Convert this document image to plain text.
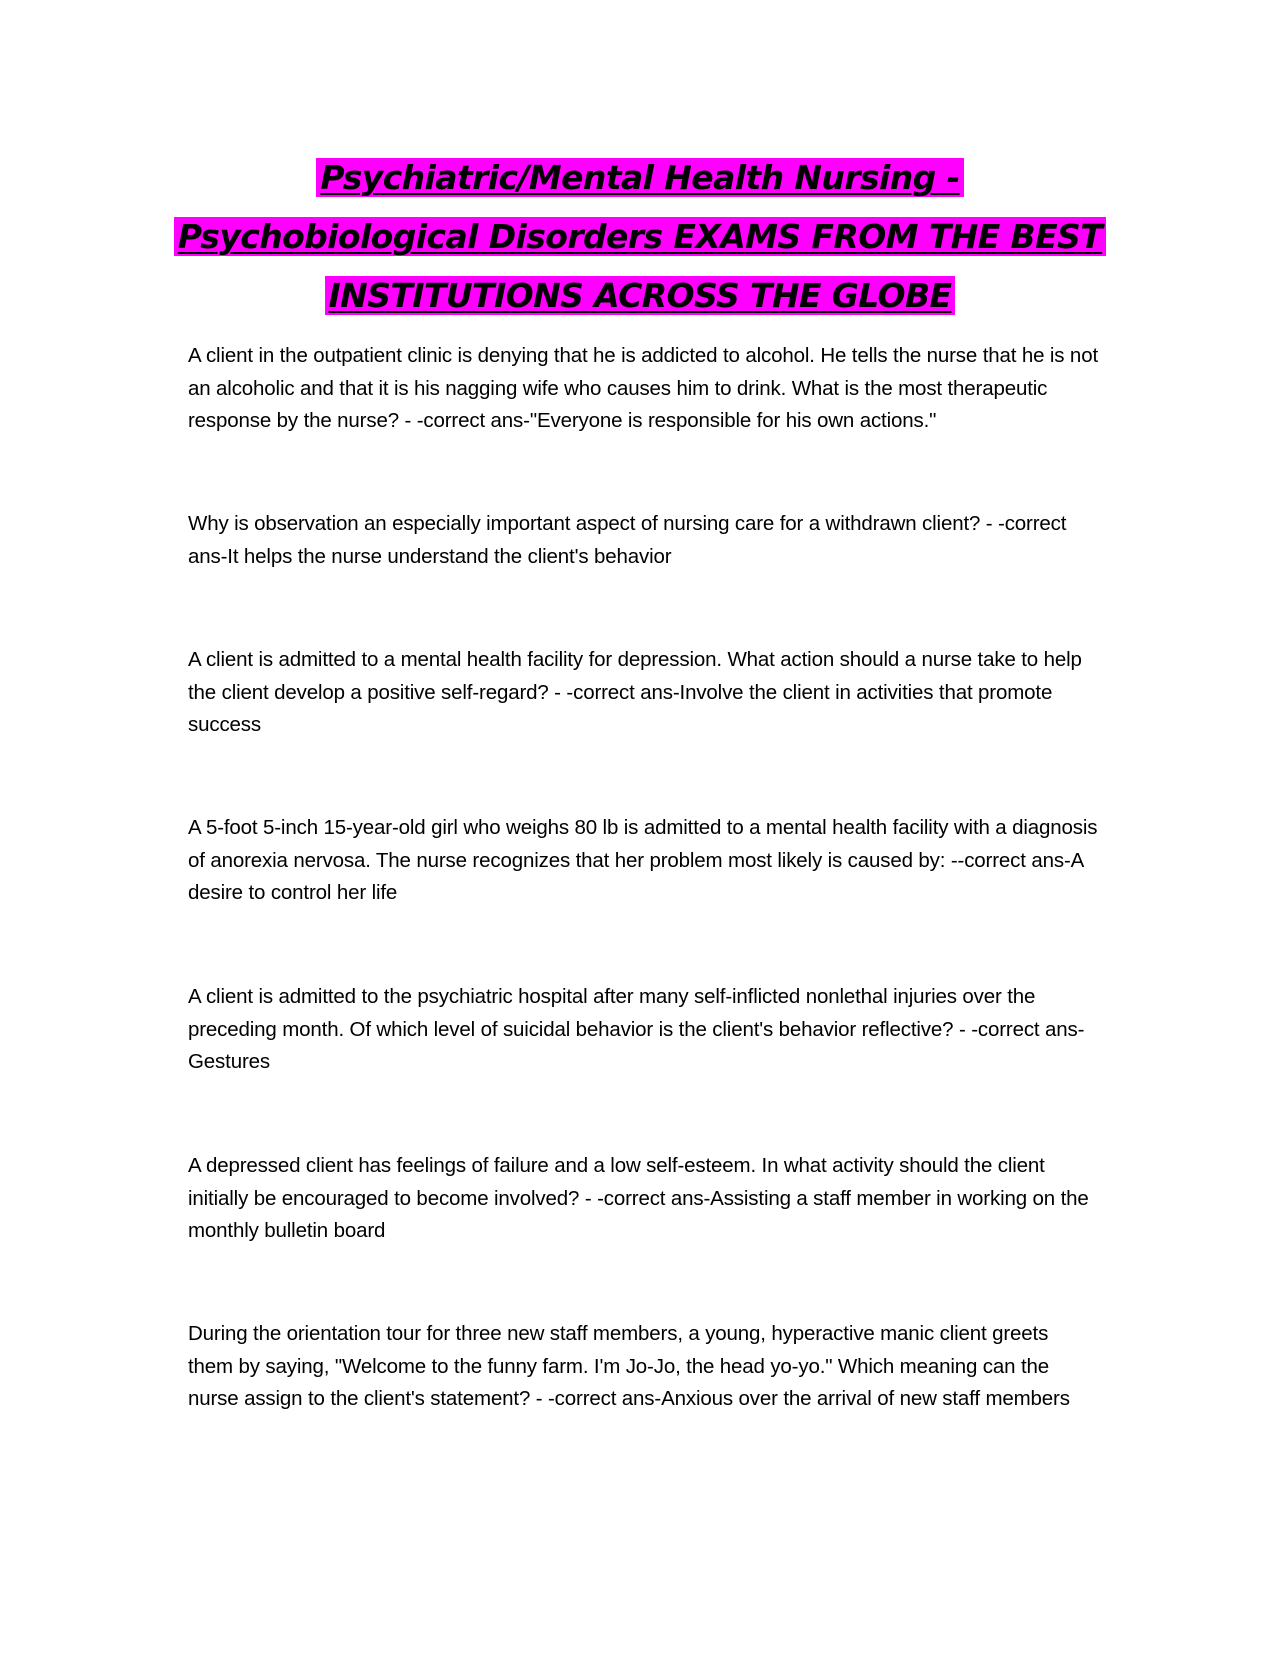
Psychiatric/Mental Health Nursing -
Psychobiological Disorders EXAMS FROM THE BEST
INSTITUTIONS ACROSS THE GLOBE

A client in the outpatient clinic is denying that he is addicted to alcohol. He tells the nurse that he is not an alcoholic and that it is his nagging wife who causes him to drink. What is the most therapeutic response by the nurse? - -correct ans-"Everyone is responsible for his own actions."

Why is observation an especially important aspect of nursing care for a withdrawn client? - -correct ans-It helps the nurse understand the client's behavior

A client is admitted to a mental health facility for depression. What action should a nurse take to help the client develop a positive self-regard? - -correct ans-Involve the client in activities that promote success

A 5-foot 5-inch 15-year-old girl who weighs 80 lb is admitted to a mental health facility with a diagnosis of anorexia nervosa. The nurse recognizes that her problem most likely is caused by: --correct ans-A desire to control her life

A client is admitted to the psychiatric hospital after many self-inflicted nonlethal injuries over the preceding month. Of which level of suicidal behavior is the client's behavior reflective? - -correct ans-Gestures

A depressed client has feelings of failure and a low self-esteem. In what activity should the client initially be encouraged to become involved? - -correct ans-Assisting a staff member in working on the monthly bulletin board

During the orientation tour for three new staff members, a young, hyperactive manic client greets them by saying, "Welcome to the funny farm. I'm Jo-Jo, the head yo-yo." Which meaning can the nurse assign to the client's statement? - -correct ans-Anxious over the arrival of new staff members
